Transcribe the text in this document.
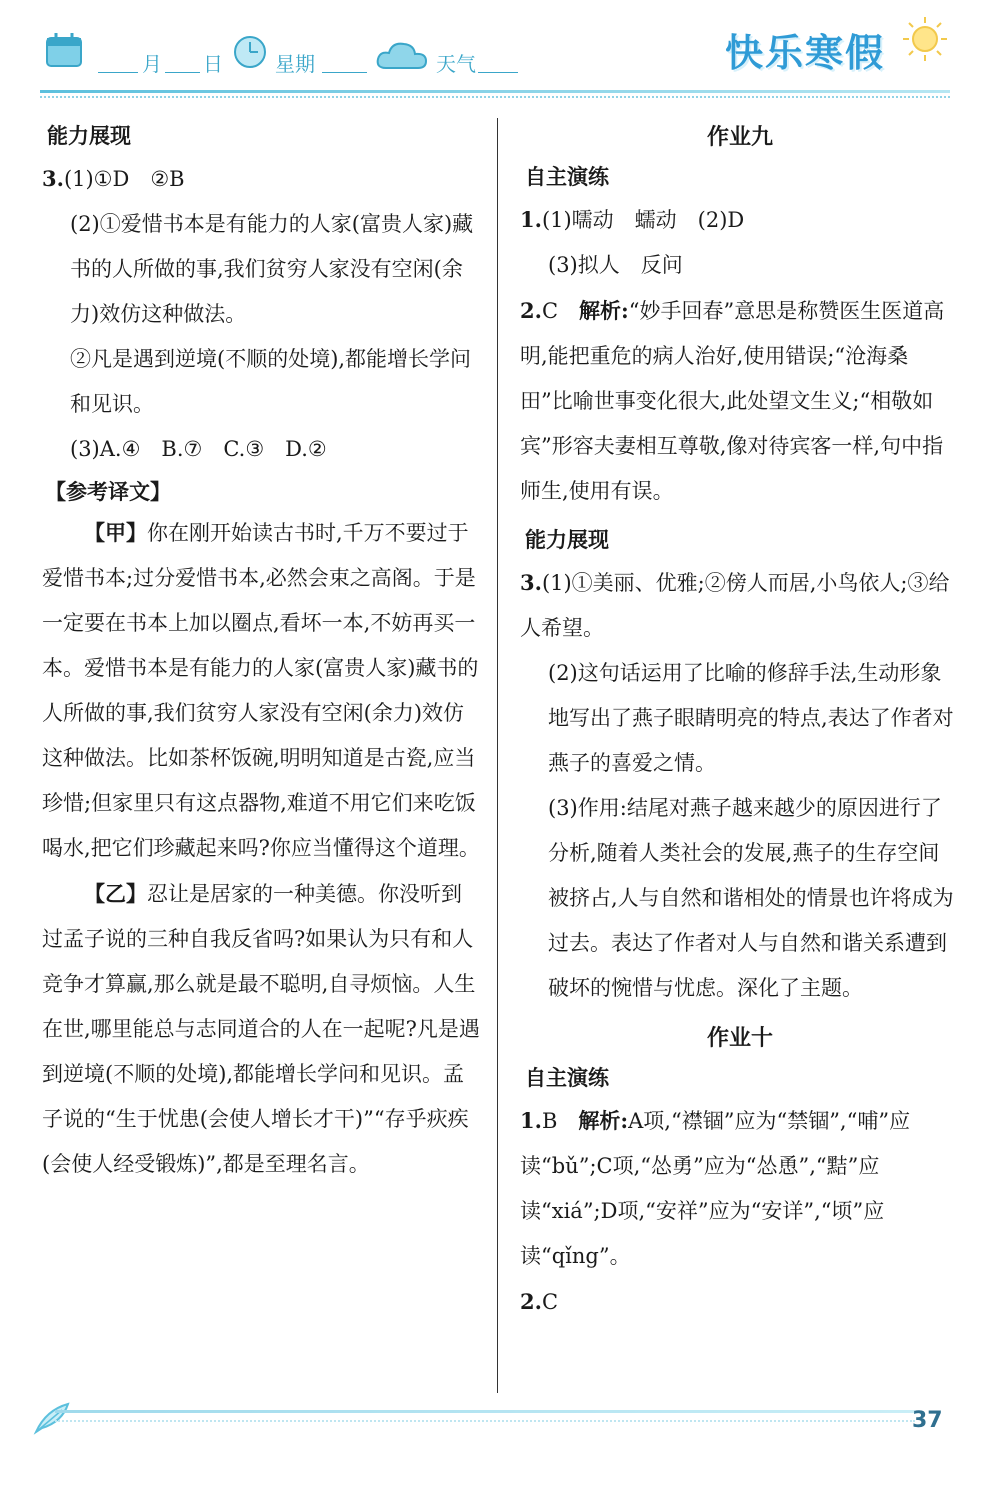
月 日	星期	天气	快乐寒假
能力展现

3.(1)①D　②B

(2)①爱惜书本是有能力的人家(富贵人家)藏书的人所做的事,我们贫穷人家没有空闲(余力)效仿这种做法。

②凡是遇到逆境(不顺的处境),都能增长学问和见识。

(3)A.④　B.⑦　C.③　D.②

【参考译文】

【甲】你在刚开始读古书时,千万不要过于爱惜书本;过分爱惜书本,必然会束之高阁。于是一定要在书本上加以圈点,看坏一本,不妨再买一本。爱惜书本是有能力的人家(富贵人家)藏书的人所做的事,我们贫穷人家没有空闲(余力)效仿这种做法。比如茶杯饭碗,明明知道是古瓷,应当珍惜;但家里只有这点器物,难道不用它们来吃饭喝水,把它们珍藏起来吗?你应当懂得这个道理。

【乙】忍让是居家的一种美德。你没听到过孟子说的三种自我反省吗?如果认为只有和人竞争才算赢,那么就是最不聪明,自寻烦恼。人生在世,哪里能总与志同道合的人在一起呢?凡是遇到逆境(不顺的处境),都能增长学问和见识。孟子说的“生于忧患(会使人增长才干)”“存乎疢疾(会使人经受锻炼)”,都是至理名言。

作业九
自主演练

1.(1)嚅动　蠕动　(2)D

(3)拟人　反问

2.C　 解析:“妙手回春”意思是称赞医生医道高明,能把重危的病人治好,使用错误;“沧海桑田”比喻世事变化很大,此处望文生义;“相敬如宾”形容夫妻相互尊敬,像对待宾客一样,句中指师生,使用有误。

能力展现

3.(1)①美丽、优雅;②傍人而居,小鸟依人;③给人希望。

(2)这句话运用了比喻的修辞手法,生动形象地写出了燕子眼睛明亮的特点,表达了作者对燕子的喜爱之情。

(3)作用:结尾对燕子越来越少的原因进行了分析,随着人类社会的发展,燕子的生存空间被挤占,人与自然和谐相处的情景也许将成为过去。表达了作者对人与自然和谐关系遭到破坏的惋惜与忧虑。深化了主题。

作业十
自主演练

1.B　 解析:A项,“襟锢”应为“禁锢”,“哺”应读“bǔ”;C项,“怂勇”应为“怂恿”,“黠”应读“xiá”;D项,“安祥”应为“安详”,“顷”应读“qǐng”。

2.C

37
